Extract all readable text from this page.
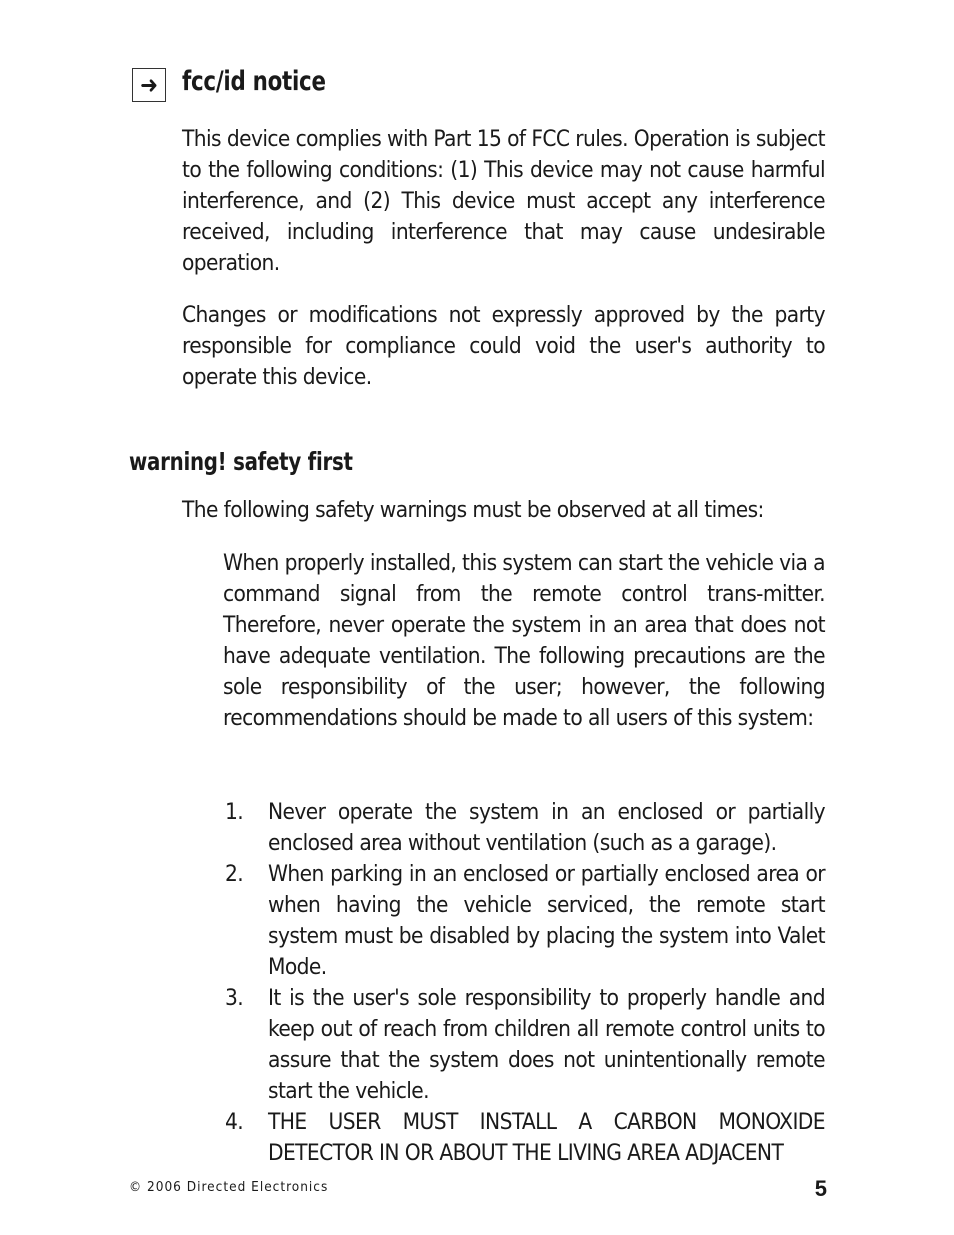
➜ fcc/id notice
This device complies with Part 15 of FCC rules. Operation is subject to the following conditions: (1) This device may not cause harmful interference, and (2) This device must accept any interference received, including interference that may cause undesirable operation.
Changes or modifications not expressly approved by the party responsible for compliance could void the user's authority to operate this device.
warning! safety first
The following safety warnings must be observed at all times:
When properly installed, this system can start the vehicle via a command signal from the remote control trans-mitter. Therefore, never operate the system in an area that does not have adequate ventilation. The following precautions are the sole responsibility of the user; however, the following recommendations should be made to all users of this system:
1. Never operate the system in an enclosed or partially enclosed area without ventilation (such as a garage).
2. When parking in an enclosed or partially enclosed area or when having the vehicle serviced, the remote start system must be disabled by placing the system into Valet Mode.
3. It is the user's sole responsibility to properly handle and keep out of reach from children all remote control units to assure that the system does not unintentionally remote start the vehicle.
4. THE USER MUST INSTALL A CARBON MONOXIDE DETECTOR IN OR ABOUT THE LIVING AREA ADJACENT
© 2006 Directed Electronics	5
